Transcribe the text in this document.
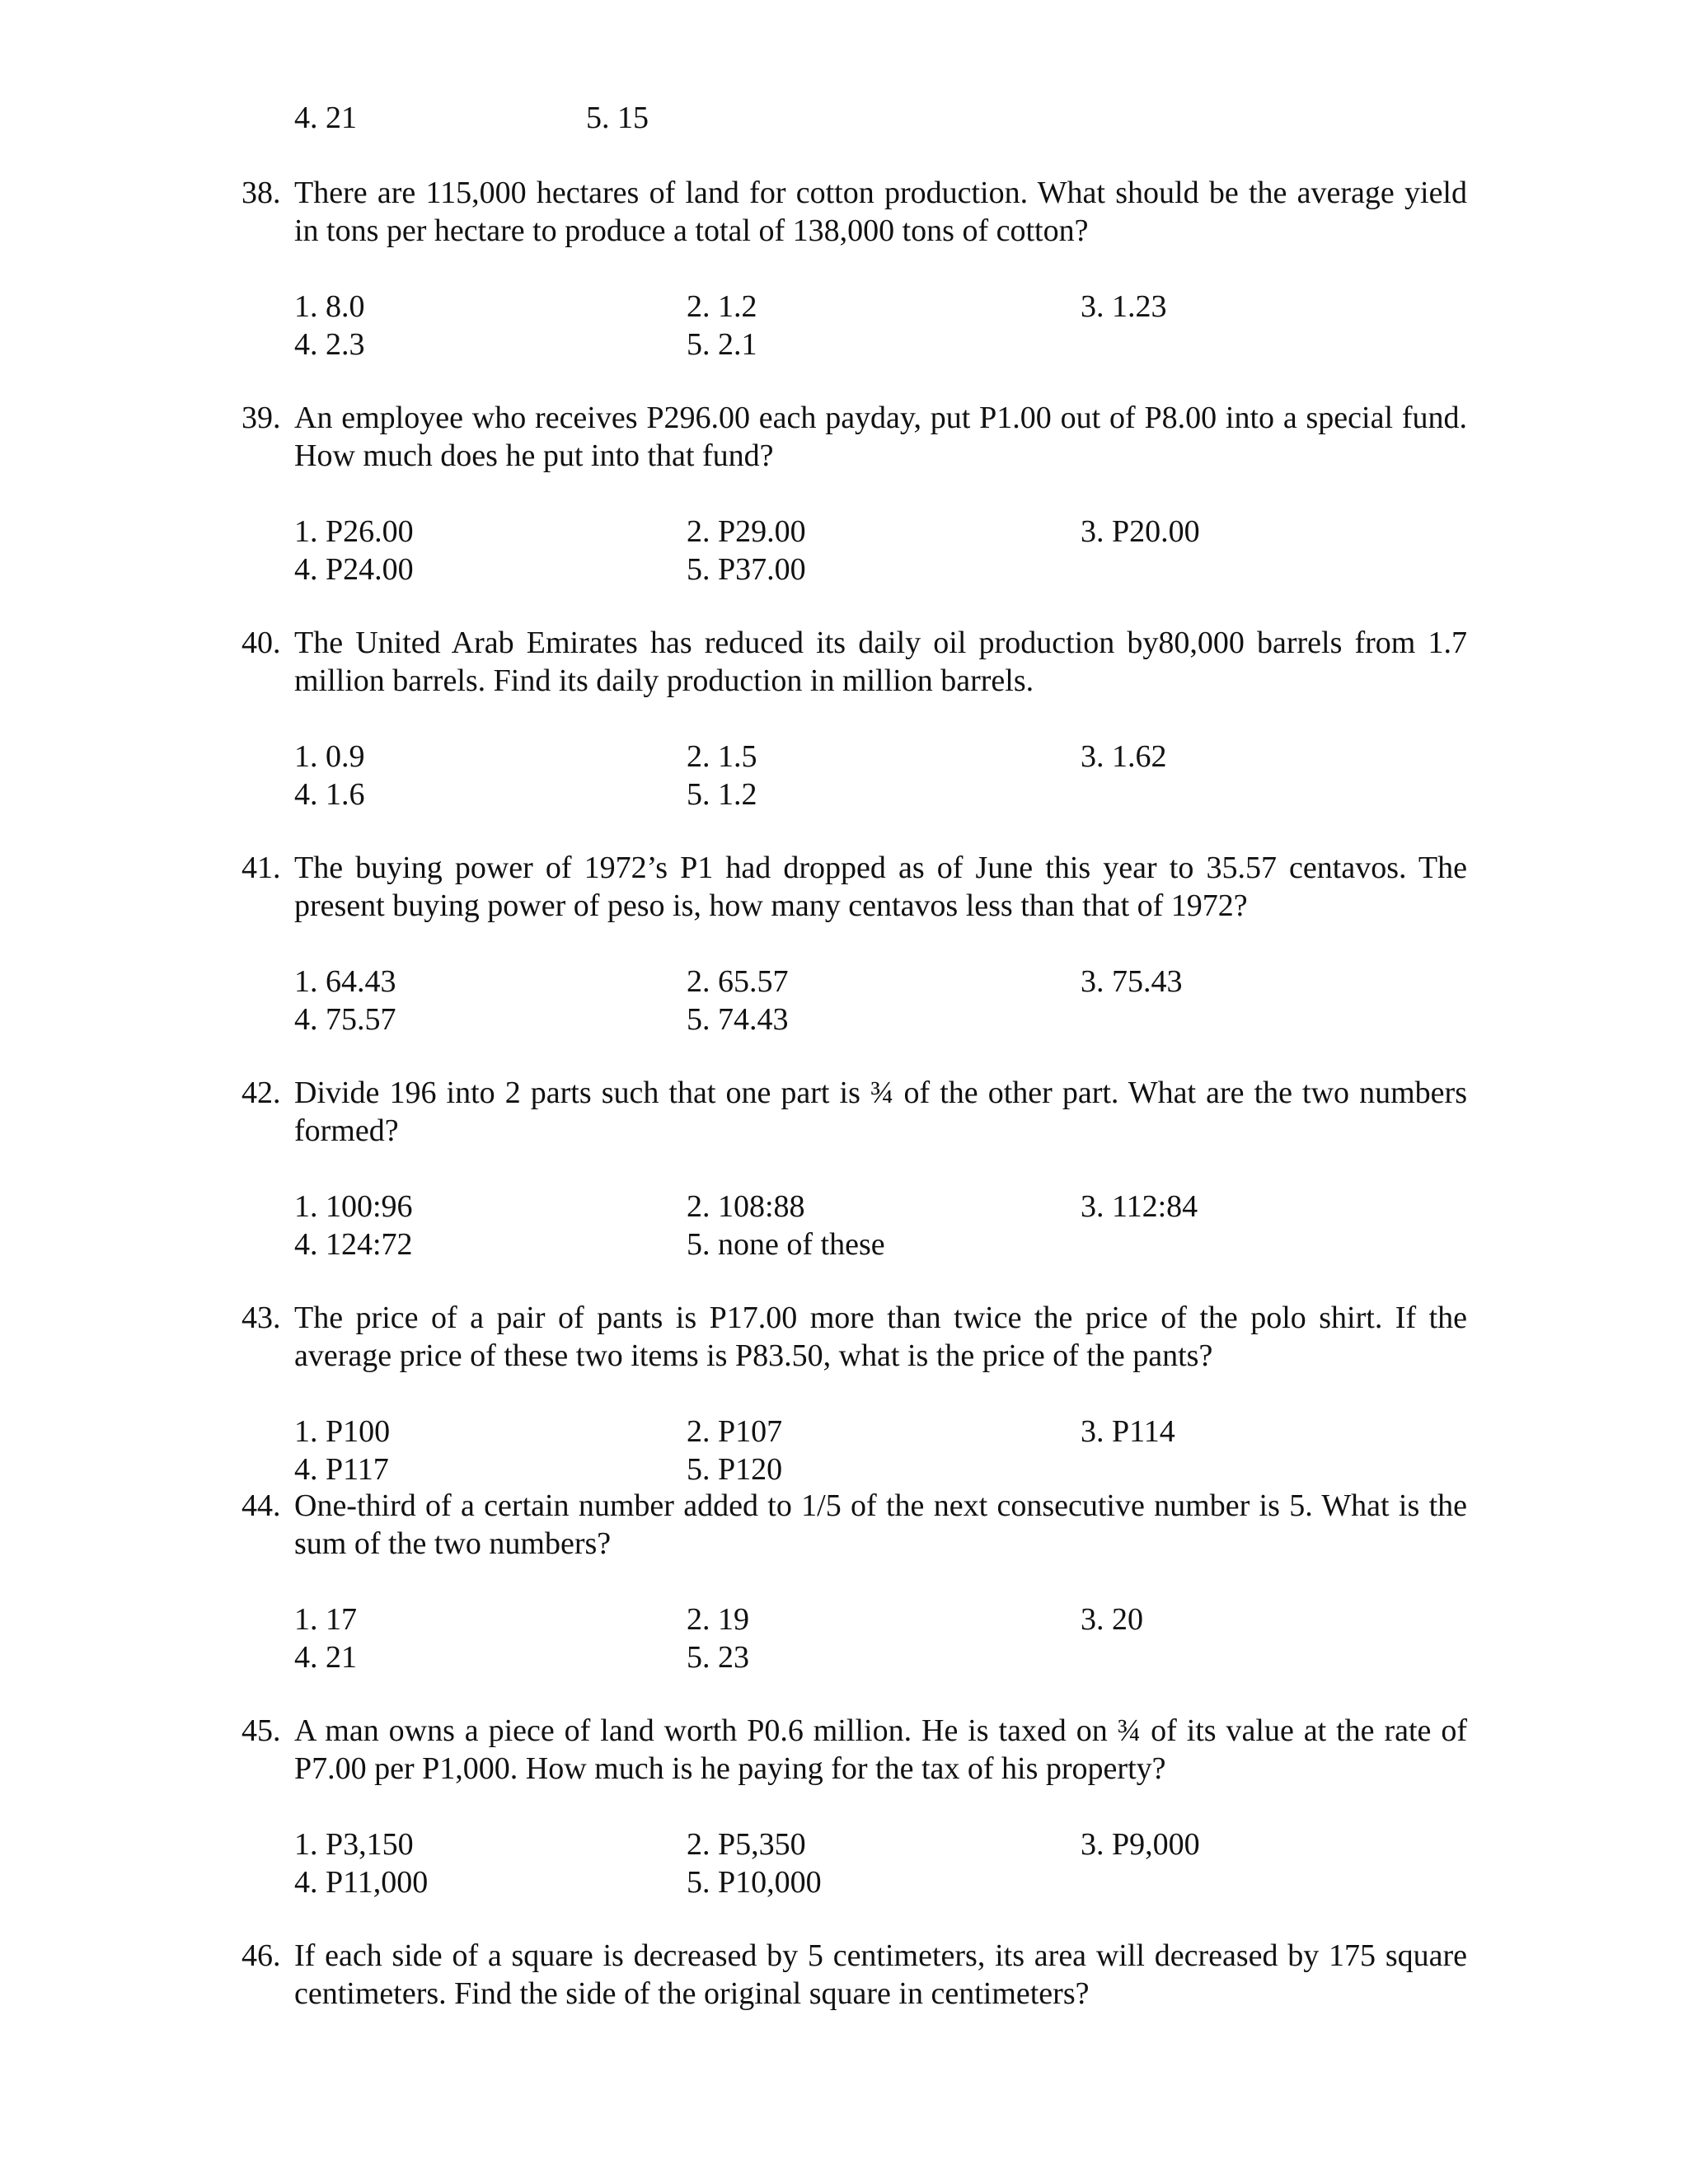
4. 21	5. 15
38. There are 115,000 hectares of land for cotton production. What should be the average yield in tons per hectare to produce a total of 138,000 tons of cotton?
1. 8.0	2. 1.2	3. 1.23
4. 2.3	5. 2.1
39. An employee who receives P296.00 each payday, put P1.00 out of P8.00 into a special fund. How much does he put into that fund?
1. P26.00	2. P29.00	3. P20.00
4. P24.00	5. P37.00
40. The United Arab Emirates has reduced its daily oil production by80,000 barrels from 1.7 million barrels. Find its daily production in million barrels.
1. 0.9	2. 1.5	3. 1.62
4. 1.6	5. 1.2
41. The buying power of 1972’s P1 had dropped as of June this year to 35.57 centavos. The present buying power of peso is, how many centavos less than that of 1972?
1. 64.43	2. 65.57	3. 75.43
4. 75.57	5. 74.43
42. Divide 196 into 2 parts such that one part is ¾ of the other part. What are the two numbers formed?
1. 100:96	2. 108:88	3. 112:84
4. 124:72	5. none of these
43. The price of a pair of pants is P17.00 more than twice the price of the polo shirt. If the average price of these two items is P83.50, what is the price of the pants?
1. P100	2. P107	3. P114
4. P117	5. P120
44. One-third of a certain number added to 1/5 of the next consecutive number is 5. What is the sum of the two numbers?
1. 17	2. 19	3. 20
4. 21	5. 23
45. A man owns a piece of land worth P0.6 million. He is taxed on ¾ of its value at the rate of P7.00 per P1,000. How much is he paying for the tax of his property?
1. P3,150	2. P5,350	3. P9,000
4. P11,000	5. P10,000
46. If each side of a square is decreased by 5 centimeters, its area will decreased by 175 square centimeters. Find the side of the original square in centimeters?
